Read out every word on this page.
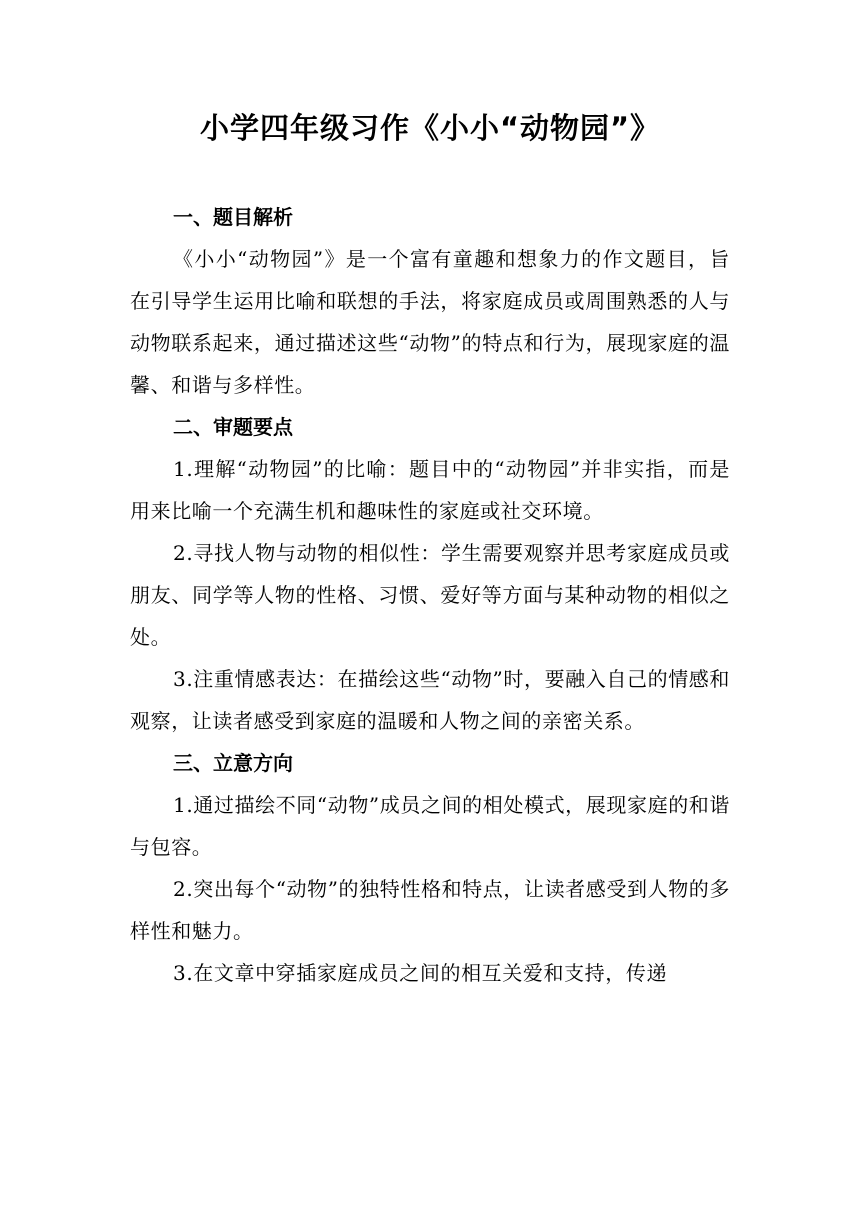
小学四年级习作《小小“动物园”》
一、题目解析

《小小“动物园”》是一个富有童趣和想象力的作文题目，旨在引导学生运用比喻和联想的手法，将家庭成员或周围熟悉的人与动物联系起来，通过描述这些“动物”的特点和行为，展现家庭的温馨、和谐与多样性。

二、审题要点

1.理解“动物园”的比喻：题目中的“动物园”并非实指，而是用来比喻一个充满生机和趣味性的家庭或社交环境。

2.寻找人物与动物的相似性：学生需要观察并思考家庭成员或朋友、同学等人物的性格、习惯、爱好等方面与某种动物的相似之处。

3.注重情感表达：在描绘这些“动物”时，要融入自己的情感和观察，让读者感受到家庭的温暖和人物之间的亲密关系。

三、立意方向

1.通过描绘不同“动物”成员之间的相处模式，展现家庭的和谐与包容。

2.突出每个“动物”的独特性格和特点，让读者感受到人物的多样性和魅力。

3.在文章中穿插家庭成员之间的相互关爱和支持，传递
